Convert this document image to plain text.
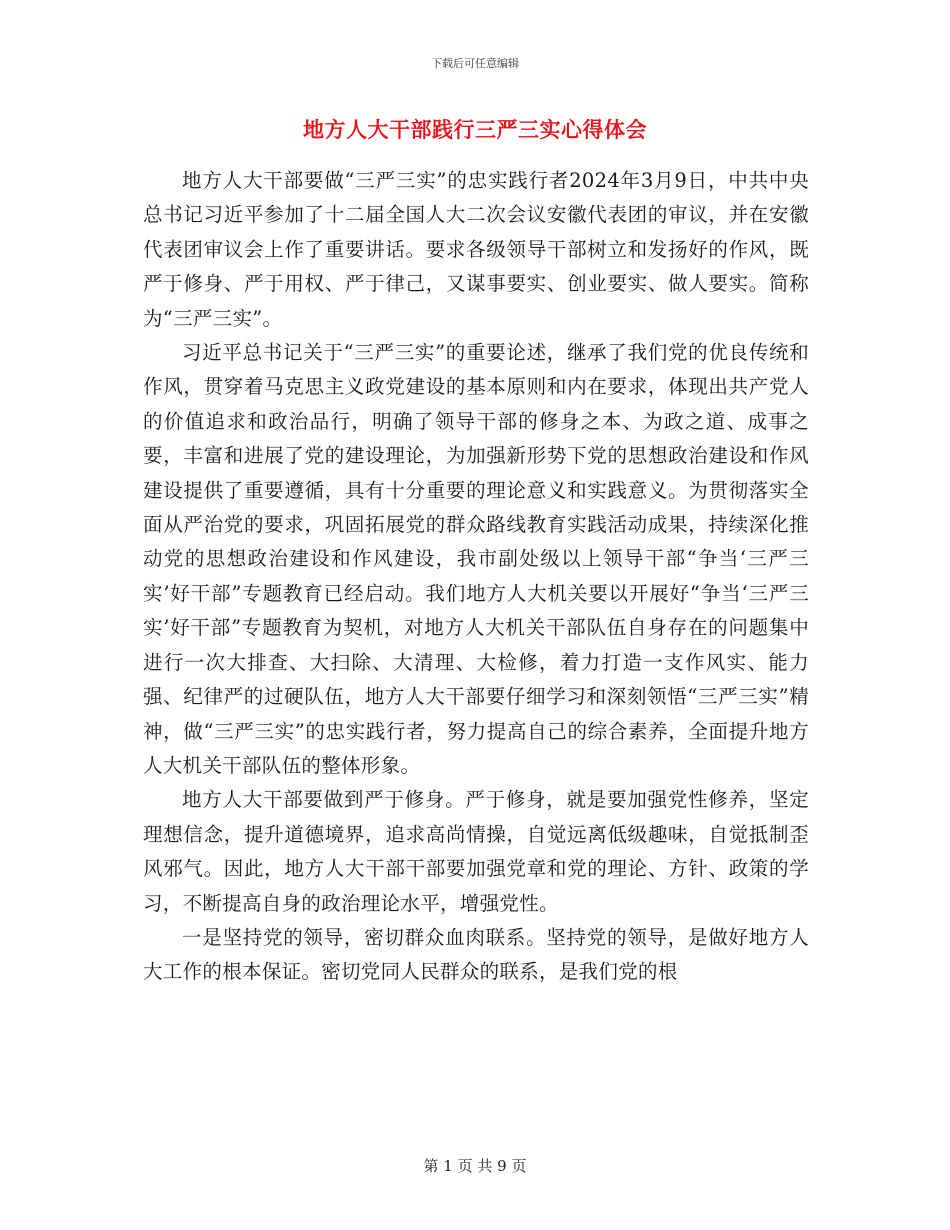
下载后可任意编辑
地方人大干部践行三严三实心得体会

地方人大干部要做“三严三实”的忠实践行者2024年3月9日，中共中央总书记习近平参加了十二届全国人大二次会议安徽代表团的审议，并在安徽代表团审议会上作了重要讲话。要求各级领导干部树立和发扬好的作风，既严于修身、严于用权、严于律己，又谋事要实、创业要实、做人要实。简称为“三严三实”。

习近平总书记关于“三严三实”的重要论述，继承了我们党的优良传统和作风，贯穿着马克思主义政党建设的基本原则和内在要求，体现出共产党人的价值追求和政治品行，明确了领导干部的修身之本、为政之道、成事之要，丰富和进展了党的建设理论，为加强新形势下党的思想政治建设和作风建设提供了重要遵循，具有十分重要的理论意义和实践意义。为贯彻落实全面从严治党的要求，巩固拓展党的群众路线教育实践活动成果，持续深化推动党的思想政治建设和作风建设，我市副处级以上领导干部“争当‘三严三实’好干部”专题教育已经启动。我们地方人大机关要以开展好“争当‘三严三实’好干部”专题教育为契机，对地方人大机关干部队伍自身存在的问题集中进行一次大排查、大扫除、大清理、大检修，着力打造一支作风实、能力强、纪律严的过硬队伍，地方人大干部要仔细学习和深刻领悟“三严三实”精神，做“三严三实”的忠实践行者，努力提高自己的综合素养，全面提升地方人大机关干部队伍的整体形象。

地方人大干部要做到严于修身。严于修身，就是要加强党性修养，坚定理想信念，提升道德境界，追求高尚情操，自觉远离低级趣味，自觉抵制歪风邪气。因此，地方人大干部干部要加强党章和党的理论、方针、政策的学习，不断提高自身的政治理论水平，增强党性。

一是坚持党的领导，密切群众血肉联系。坚持党的领导，是做好地方人大工作的根本保证。密切党同人民群众的联系，是我们党的根

第 1 页 共 9 页
